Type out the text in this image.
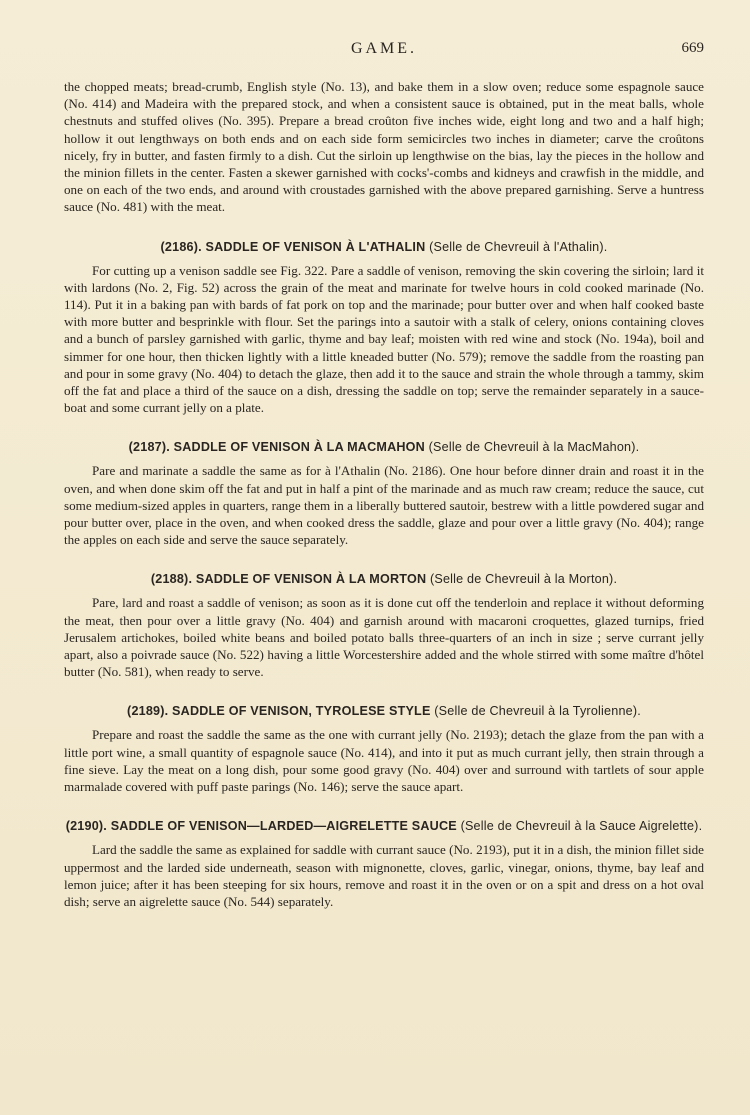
GAME.	669

the chopped meats; bread-crumb, English style (No. 13), and bake them in a slow oven; reduce some espagnole sauce (No. 414) and Madeira with the prepared stock, and when a consistent sauce is obtained, put in the meat balls, whole chestnuts and stuffed olives (No. 395). Prepare a bread croûton five inches wide, eight long and two and a half high; hollow it out lengthways on both ends and on each side form semicircles two inches in diameter; carve the croûtons nicely, fry in butter, and fasten firmly to a dish. Cut the sirloin up lengthwise on the bias, lay the pieces in the hollow and the minion fillets in the center. Fasten a skewer garnished with cocks'-combs and kidneys and crawfish in the middle, and one on each of the two ends, and around with croustades garnished with the above prepared garnishing. Serve a huntress sauce (No. 481) with the meat.

(2186). SADDLE OF VENISON À L'ATHALIN (Selle de Chevreuil à l'Athalin).

For cutting up a venison saddle see Fig. 322. Pare a saddle of venison, removing the skin covering the sirloin; lard it with lardons (No. 2, Fig. 52) across the grain of the meat and marinate for twelve hours in cold cooked marinade (No. 114). Put it in a baking pan with bards of fat pork on top and the marinade; pour butter over and when half cooked baste with more butter and besprinkle with flour. Set the parings into a sautoir with a stalk of celery, onions containing cloves and a bunch of parsley garnished with garlic, thyme and bay leaf; moisten with red wine and stock (No. 194a), boil and simmer for one hour, then thicken lightly with a little kneaded butter (No. 579); remove the saddle from the roasting pan and pour in some gravy (No. 404) to detach the glaze, then add it to the sauce and strain the whole through a tammy, skim off the fat and place a third of the sauce on a dish, dressing the saddle on top; serve the remainder separately in a sauce-boat and some currant jelly on a plate.

(2187). SADDLE OF VENISON À LA MACMAHON (Selle de Chevreuil à la MacMahon).

Pare and marinate a saddle the same as for à l'Athalin (No. 2186). One hour before dinner drain and roast it in the oven, and when done skim off the fat and put in half a pint of the marinade and as much raw cream; reduce the sauce, cut some medium-sized apples in quarters, range them in a liberally buttered sautoir, bestrew with a little powdered sugar and pour butter over, place in the oven, and when cooked dress the saddle, glaze and pour over a little gravy (No. 404); range the apples on each side and serve the sauce separately.

(2188). SADDLE OF VENISON À LA MORTON (Selle de Chevreuil à la Morton).

Pare, lard and roast a saddle of venison; as soon as it is done cut off the tenderloin and replace it without deforming the meat, then pour over a little gravy (No. 404) and garnish around with macaroni croquettes, glazed turnips, fried Jerusalem artichokes, boiled white beans and boiled potato balls three-quarters of an inch in size ; serve currant jelly apart, also a poivrade sauce (No. 522) having a little Worcestershire added and the whole stirred with some maître d'hôtel butter (No. 581), when ready to serve.

(2189). SADDLE OF VENISON, TYROLESE STYLE (Selle de Chevreuil à la Tyrolienne).

Prepare and roast the saddle the same as the one with currant jelly (No. 2193); detach the glaze from the pan with a little port wine, a small quantity of espagnole sauce (No. 414), and into it put as much currant jelly, then strain through a fine sieve. Lay the meat on a long dish, pour some good gravy (No. 404) over and surround with tartlets of sour apple marmalade covered with puff paste parings (No. 146); serve the sauce apart.

(2190). SADDLE OF VENISON—LARDED—AIGRELETTE SAUCE (Selle de Chevreuil à la Sauce Aigrelette).

Lard the saddle the same as explained for saddle with currant sauce (No. 2193), put it in a dish, the minion fillet side uppermost and the larded side underneath, season with mignonette, cloves, garlic, vinegar, onions, thyme, bay leaf and lemon juice; after it has been steeping for six hours, remove and roast it in the oven or on a spit and dress on a hot oval dish; serve an aigrelette sauce (No. 544) separately.
